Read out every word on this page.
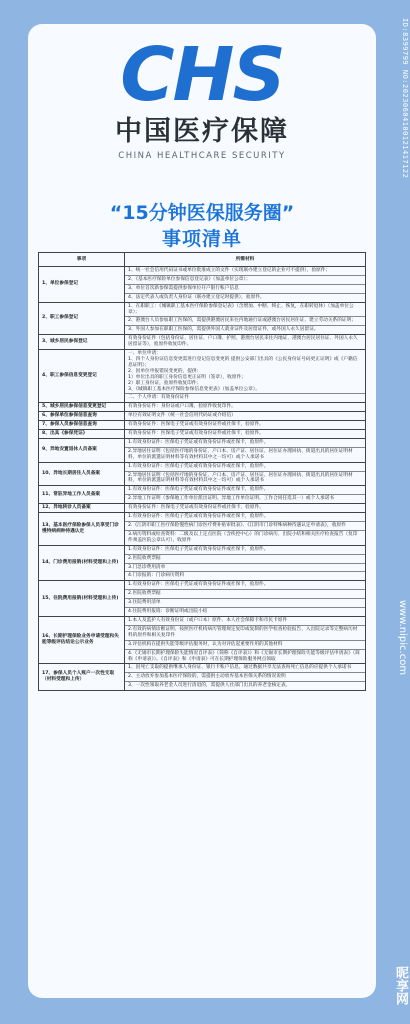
CHS
中国医疗保障
CHINA HEALTHCARE SECURITY
“15分钟医保服务圈”
事项清单
事项	所需材料
1、单位参保登记
1、统一社会信用代码证书或单位批准成立的文件（实现联办建立登记的企业可不提供），验原件；
2、《基本医疗保险单位参保信息登记表》（加盖单位公章）；
3、单位首次新参保需提供参保单位开户银行账户信息
4、法定代表人或负责人身份证（联办建立登记时提供），验原件。
2、职工参保登记
1、在职职工：《城镇职工基本医疗保险参保登记表》（含增加、中断、终止、恢复，在职转退休）（加盖单位公章）；
2、港澳台人员参加职工医保的，需提供港澳居民来往内地通行证或港澳台居民居住证、建立劳动关系的证明；
3、外国人参加在职职工医保的，需提供外国人就业证件及居留证件，或外国人永久居留证。
3、城乡居民参保登记
有效身份证件（包括身份证、居住证、户口簿、护照、港澳台居民来往内地证、港澳台居民居住证、外国人永久居留证等），验原件收复印件。
4、职工参保信息变更登记
一、单位申请：
1、四个人身份证信息变更需进行登记信息变更的 提供公安部门出具的《公民身份证号码更正证明》或《户籍信息证明》；
2、因单位申报错误变更的，提供：
1）单位出具的职工身份信息更正证明（签章），收原件；
2）职工身份证，验原件收复印件；
3、《城镇职工基本医疗保险参保信息变更表》（加盖单位公章）。
二、个人申请：有效身份证件
5、城乡居民参保信息变更登记	有效身份证件：身份证或户口簿，验原件收复印件。
6、参保单位参保信息查询	单位有效证明文件（统一社会信用代码证或介绍信）
7、参保人员参保信息查询	有效身份证件：医保电子凭证或有效身份证件或社保卡，验原件。
8、出具《参保凭证》	有效身份证件：医保电子凭证或有效身份证件或社保卡，验原件。
9、异地安置退休人员备案
1.有效身份证件：医保电子凭证或有效身份证件或社保卡，验原件。
2.异地居住证明（包括医疗地的身份证、户口本、房产证、居住证、居住证办理回执、街道出具的居住证明材料，单位的派遣证明材料等有效材料其中之一均可）或个人承诺书
10、异地长期居住人员备案
1.有效身份证件：医保电子凭证或有效身份证件或社保卡，验原件。
2.异地居住证明（包括医疗地的身份证、户口本、房产证、居住证、居住证办理回执、街道出具的居住证明材料，单位的派遣证明材料等有效材料其中之一均可）或个人承诺书
11、常驻异地工作人员备案
1.有效身份证件：医保电子凭证或有效身份证件或社保卡，验原件。
2.异地工作证明（参保地工作单位派出证明、异地工作单位证明、工作合同任选其一）或个人承诺书
12、异地转诊人员备案	有效身份证件：医保电子凭证或有效身份证件或社保卡，验原件。
13、基本医疗保险参保人员享受门诊慢特病病种待遇认定
1.有效身份证件：医保电子凭证或有效身份证件或社保卡，验原件。
2.《江阴市职工医疗保险慢性病门诊医疗费补贴审批表》、《江阴市门诊特殊病种待遇认定申请表》，收原件
3.病历资料或检查资料：二级及以上定点医院（含疾控中心）的门诊病历、出院小结和相关医疗检查报告（复印件须盖医院公章认可），收原件
14、门诊费用报销(材料受理和上传)
1.有效身份证件：医保电子凭证或有效身份证件或社保卡，验原件。
2.医院收费票据
3.门急诊费用清单
4.门诊报销：门诊病历资料
15、住院费用报销(材料受理和上传)
1.有效身份证件：医保电子凭证或有效身份证件或社保卡，验原件。
2.医院收费票据
3.住院费用清单
4.住院费用报销：诊断证明或出院小结
16、长期护理保险业务申请受理和失能等级评估结论公示业务
1.本人及监护人有效身份证（或户口本）原件、本人社会保障卡和市民卡原件
2.有效的病情诊断证明、按照医疗机构病历管理规定复印或复制的医学检查检验报告、入出院记录等完整病历材料的原件和相关复印件
3.评估机构在提供失能等级评估服务时，认为对评估起重要作用的其他材料
4.《无锡市长期护理保险失能情况自评表》（简称《自评表》）和《无锡市长期护理保险失能等级评估申请表》（简称《申请表》）。《自评表》和《申请表》可在长期护理保险服务网点领取
17、参保人员个人账户一次性支取（材料受理和上传）
1、因死亡支取的提供继承人身份证、银行卡账户信息，通过数据共享无法查询死亡信息的应提供个人承诺书
2、主动放弃参加基本医疗保险的，需提供主动放弃基本医保关系的情况说明
3、一次性领取养老金人员进行清退的，需提供人社部门出具的养老金核定表。
ID:8399799 NO:20230604100121417122
www.nipic.com
昵享网
